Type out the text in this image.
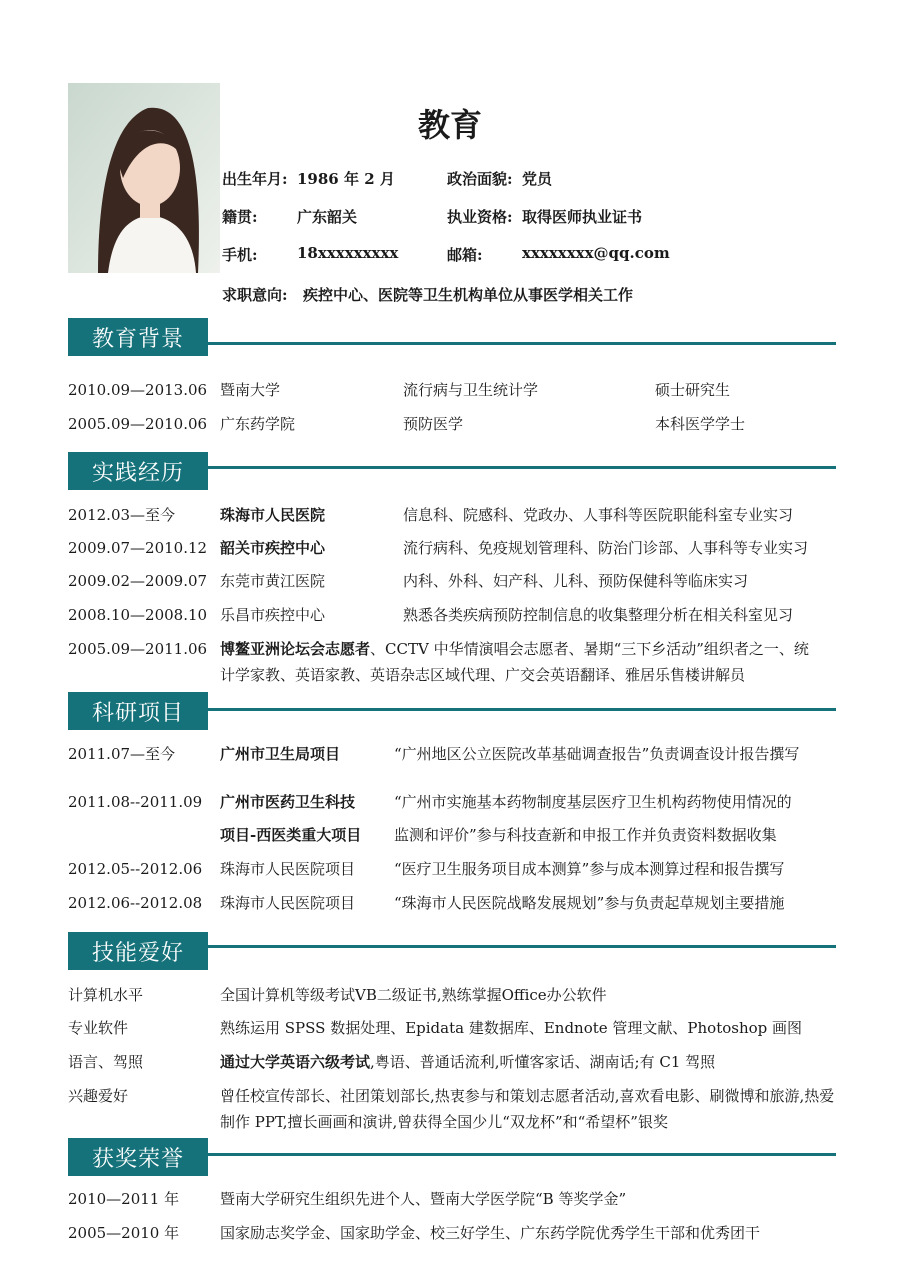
教育
出生年月: 1986 年 2 月	政治面貌: 党员
籍贯:	广东韶关	执业资格: 取得医师执业证书
手机:	18xxxxxxxxx	邮箱:	xxxxxxxx@qq.com
求职意向: 疾控中心、医院等卫生机构单位从事医学相关工作
教育背景
2010.09—2013.06 暨南大学	流行病与卫生统计学	硕士研究生
2005.09—2010.06 广东药学院	预防医学	本科医学学士
实践经历
2012.03—至今	珠海市人民医院	信息科、院感科、党政办、人事科等医院职能科室专业实习
2009.07—2010.12 韶关市疾控中心	流行病科、免疫规划管理科、防治门诊部、人事科等专业实习
2009.02—2009.07 东莞市黄江医院	内科、外科、妇产科、儿科、预防保健科等临床实习
2008.10—2008.10 乐昌市疾控中心	熟悉各类疾病预防控制信息的收集整理分析在相关科室见习
2005.09—2011.06 博鳌亚洲论坛会志愿者、CCTV 中华情演唱会志愿者、暑期“三下乡活动”组织者之一、统
计学家教、英语家教、英语杂志区域代理、广交会英语翻译、雅居乐售楼讲解员
科研项目
2011.07—至今	广州市卫生局项目	“广州地区公立医院改革基础调查报告”负责调查设计报告撰写
2011.08--2011.09 广州市医药卫生科技	“广州市实施基本药物制度基层医疗卫生机构药物使用情况的
项目-西医类重大项目 监测和评价”参与科技查新和申报工作并负责资料数据收集
2012.05--2012.06 珠海市人民医院项目	“医疗卫生服务项目成本测算”参与成本测算过程和报告撰写
2012.06--2012.08 珠海市人民医院项目	“珠海市人民医院战略发展规划”参与负责起草规划主要措施
技能爱好
计算机水平	全国计算机等级考试VB二级证书,熟练掌握Office办公软件
专业软件	熟练运用 SPSS 数据处理、Epidata 建数据库、Endnote 管理文献、Photoshop 画图
语言、驾照	通过大学英语六级考试,粤语、普通话流利,听懂客家话、湖南话;有 C1 驾照
兴趣爱好	曾任校宣传部长、社团策划部长,热衷参与和策划志愿者活动,喜欢看电影、刷微博和旅游,热爱制作 PPT,擅长画画和演讲,曾获得全国少儿“双龙杯”和“希望杯”银奖
获奖荣誉
2010—2011 年	暨南大学研究生组织先进个人、暨南大学医学院“B 等奖学金”
2005—2010 年	国家励志奖学金、国家助学金、校三好学生、广东药学院优秀学生干部和优秀团干
